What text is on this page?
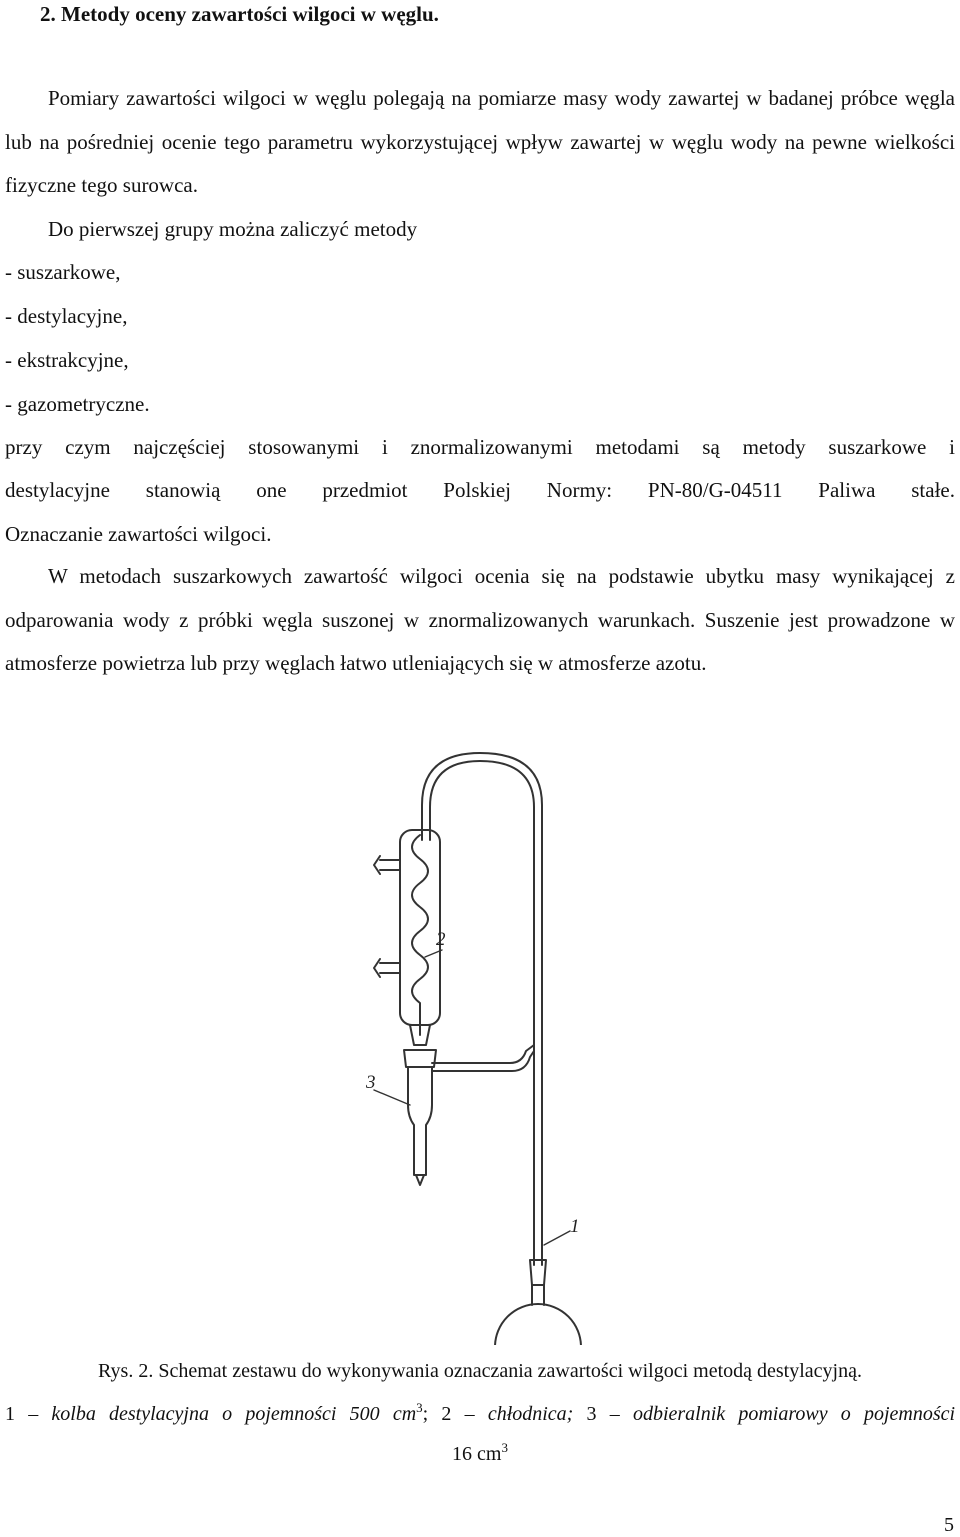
2. Metody oceny zawartości wilgoci w węglu.
Pomiary zawartości wilgoci w węglu polegają na pomiarze masy wody zawartej w badanej próbce węgla lub na pośredniej ocenie tego parametru wykorzystującej wpływ zawartej w węglu wody na pewne wielkości fizyczne tego surowca.
Do pierwszej grupy można zaliczyć metody
- suszarkowe,
- destylacyjne,
- ekstrakcyjne,
- gazometryczne.
przy czym najczęściej stosowanymi i znormalizowanymi metodami są metody suszarkowe i
destylacyjne stanowią one przedmiot Polskiej Normy: PN-80/G-04511 Paliwa stałe.
Oznaczanie zawartości wilgoci.
W metodach suszarkowych zawartość wilgoci ocenia się na podstawie ubytku masy wynikającej z odparowania wody z próbki węgla suszonej w znormalizowanych warunkach. Suszenie jest prowadzone w atmosferze powietrza lub przy węglach łatwo utleniających się w atmosferze azotu.
2
3
1
Rys. 2. Schemat zestawu do wykonywania oznaczania zawartości wilgoci metodą destylacyjną.
1 – kolba destylacyjna o pojemności 500 $cm^3$; 2 – chłodnica; 3 – odbieralnik pomiarowy o pojemności
16 $cm^3$
5
